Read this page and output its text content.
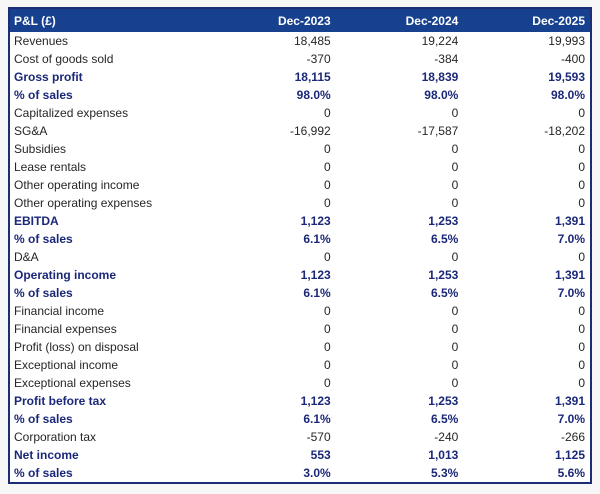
P&L (£)	Dec-2023	Dec-2024	Dec-2025
Revenues	18,485	19,224	19,993
Cost of goods sold	-370	-384	-400
Gross profit	18,115	18,839	19,593
% of sales	98.0%	98.0%	98.0%
Capitalized expenses	0	0	0
SG&A	-16,992	-17,587	-18,202
Subsidies	0	0	0
Lease rentals	0	0	0
Other operating income	0	0	0
Other operating expenses	0	0	0
EBITDA	1,123	1,253	1,391
% of sales	6.1%	6.5%	7.0%
D&A	0	0	0
Operating income	1,123	1,253	1,391
% of sales	6.1%	6.5%	7.0%
Financial income	0	0	0
Financial expenses	0	0	0
Profit (loss) on disposal	0	0	0
Exceptional income	0	0	0
Exceptional expenses	0	0	0
Profit before tax	1,123	1,253	1,391
% of sales	6.1%	6.5%	7.0%
Corporation tax	-570	-240	-266
Net income	553	1,013	1,125
% of sales	3.0%	5.3%	5.6%
